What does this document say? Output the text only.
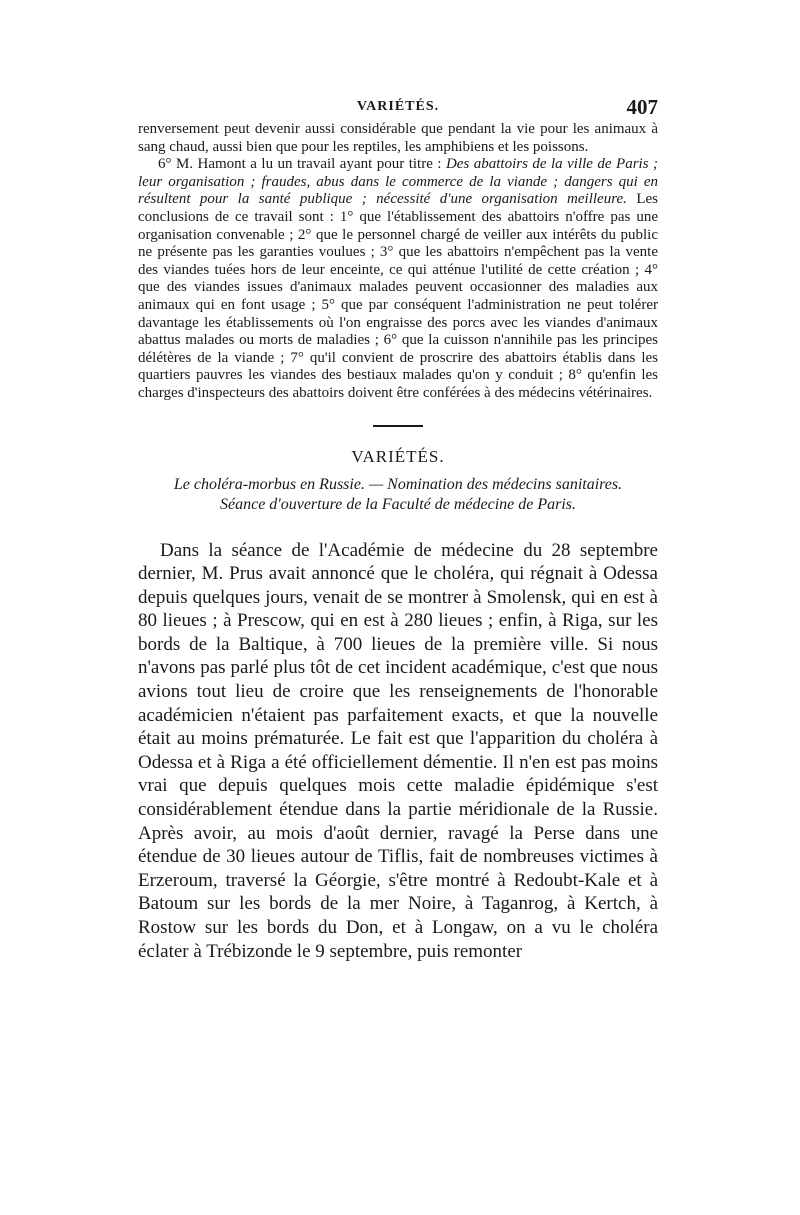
VARIÉTÉS.	407

renversement peut devenir aussi considérable que pendant la vie pour les animaux à sang chaud, aussi bien que pour les reptiles, les amphibiens et les poissons.

6° M. Hamont a lu un travail ayant pour titre : Des abattoirs de la ville de Paris ; leur organisation ; fraudes, abus dans le commerce de la viande ; dangers qui en résultent pour la santé publique ; nécessité d'une organisation meilleure. Les conclusions de ce travail sont : 1° que l'établissement des abattoirs n'offre pas une organisation convenable ; 2° que le personnel chargé de veiller aux intérêts du public ne présente pas les garanties voulues ; 3° que les abattoirs n'empêchent pas la vente des viandes tuées hors de leur enceinte, ce qui atténue l'utilité de cette création ; 4° que des viandes issues d'animaux malades peuvent occasionner des maladies aux animaux qui en font usage ; 5° que par conséquent l'administration ne peut tolérer davantage les établissements où l'on engraisse des porcs avec les viandes d'animaux abattus malades ou morts de maladies ; 6° que la cuisson n'annihile pas les principes délétères de la viande ; 7° qu'il convient de proscrire des abattoirs établis dans les quartiers pauvres les viandes des bestiaux malades qu'on y conduit ; 8° qu'enfin les charges d'inspecteurs des abattoirs doivent être conférées à des médecins vétérinaires.

VARIÉTÉS.
Le choléra-morbus en Russie. — Nomination des médecins sanitaires.
Séance d'ouverture de la Faculté de médecine de Paris.

Dans la séance de l'Académie de médecine du 28 septembre dernier, M. Prus avait annoncé que le choléra, qui régnait à Odessa depuis quelques jours, venait de se montrer à Smolensk, qui en est à 80 lieues ; à Prescow, qui en est à 280 lieues ; enfin, à Riga, sur les bords de la Baltique, à 700 lieues de la première ville. Si nous n'avons pas parlé plus tôt de cet incident académique, c'est que nous avions tout lieu de croire que les renseignements de l'honorable académicien n'étaient pas parfaitement exacts, et que la nouvelle était au moins prématurée. Le fait est que l'apparition du choléra à Odessa et à Riga a été officiellement démentie. Il n'en est pas moins vrai que depuis quelques mois cette maladie épidémique s'est considérablement étendue dans la partie méridionale de la Russie. Après avoir, au mois d'août dernier, ravagé la Perse dans une étendue de 30 lieues autour de Tiflis, fait de nombreuses victimes à Erzeroum, traversé la Géorgie, s'être montré à Redoubt-Kale et à Batoum sur les bords de la mer Noire, à Taganrog, à Kertch, à Rostow sur les bords du Don, et à Longaw, on a vu le choléra éclater à Trébizonde le 9 septembre, puis remonter
